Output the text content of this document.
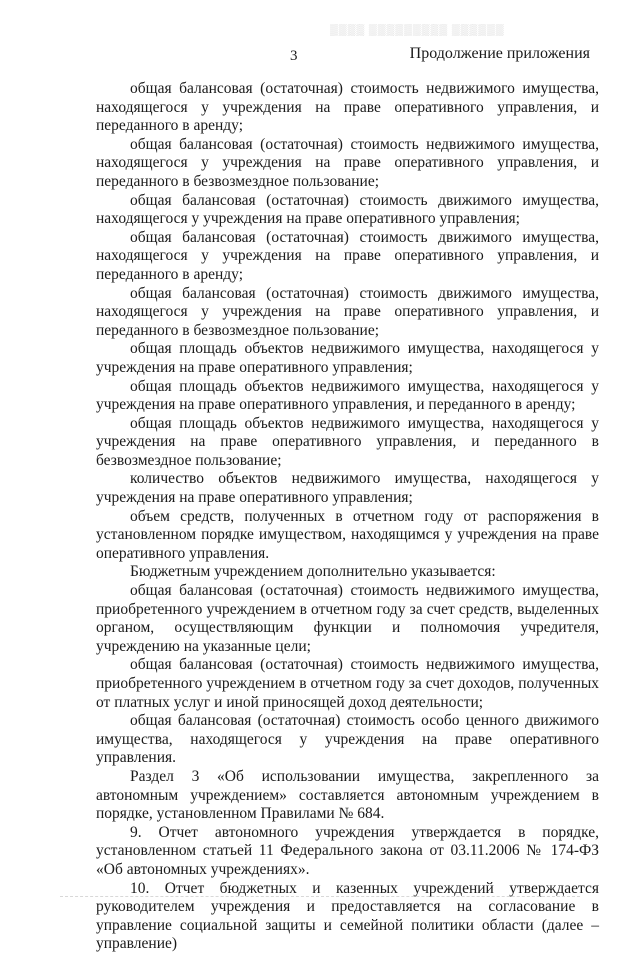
▒▒▒▒ ▒▒▒▒▒▒▒▒▒ ▒▒▒▒▒▒
3	Продолжение приложения

общая балансовая (остаточная) стоимость недвижимого имущества, находящегося у учреждения на праве оперативного управления, и переданного в аренду;

общая балансовая (остаточная) стоимость недвижимого имущества, находящегося у учреждения на праве оперативного управления, и переданного в безвозмездное пользование;

общая балансовая (остаточная) стоимость движимого имущества, находящегося у учреждения на праве оперативного управления;

общая балансовая (остаточная) стоимость движимого имущества, находящегося у учреждения на праве оперативного управления, и переданного в аренду;

общая балансовая (остаточная) стоимость движимого имущества, находящегося у учреждения на праве оперативного управления, и переданного в безвозмездное пользование;

общая площадь объектов недвижимого имущества, находящегося у учреждения на праве оперативного управления;

общая площадь объектов недвижимого имущества, находящегося у учреждения на праве оперативного управления, и переданного в аренду;

общая площадь объектов недвижимого имущества, находящегося у учреждения на праве оперативного управления, и переданного в безвозмездное пользование;

количество объектов недвижимого имущества, находящегося у учреждения на праве оперативного управления;

объем средств, полученных в отчетном году от распоряжения в установленном порядке имуществом, находящимся у учреждения на праве оперативного управления.

Бюджетным учреждением дополнительно указывается:

общая балансовая (остаточная) стоимость недвижимого имущества, приобретенного учреждением в отчетном году за счет средств, выделенных органом, осуществляющим функции и полномочия учредителя, учреждению на указанные цели;

общая балансовая (остаточная) стоимость недвижимого имущества, приобретенного учреждением в отчетном году за счет доходов, полученных от платных услуг и иной приносящей доход деятельности;

общая балансовая (остаточная) стоимость особо ценного движимого имущества, находящегося у учреждения на праве оперативного управления.

Раздел 3 «Об использовании имущества, закрепленного за автономным учреждением» составляется автономным учреждением в порядке, установленном Правилами № 684.

9. Отчет автономного учреждения утверждается в порядке, установленном статьей 11 Федерального закона от 03.11.2006 № 174-ФЗ «Об автономных учреждениях».

10. Отчет бюджетных и казенных учреждений утверждается руководителем учреждения и предоставляется на согласование в управление социальной защиты и семейной политики области (далее – управление)
